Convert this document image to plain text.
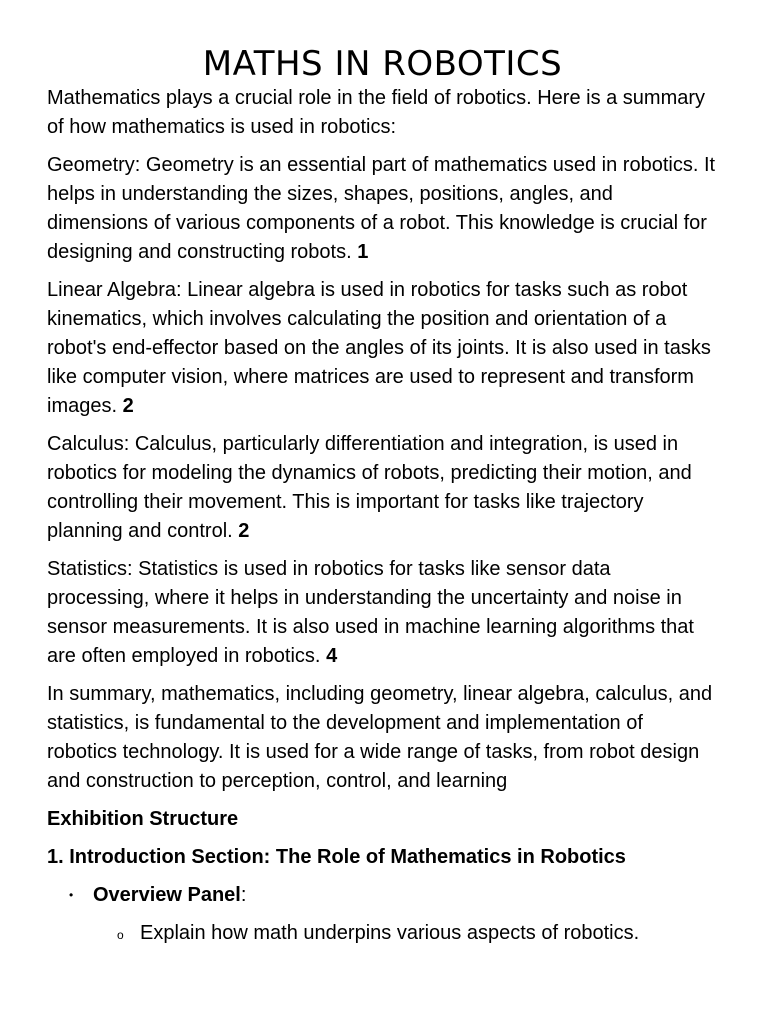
MATHS IN ROBOTICS

Mathematics plays a crucial role in the field of robotics. Here is a summary of how mathematics is used in robotics:

Geometry: Geometry is an essential part of mathematics used in robotics. It helps in understanding the sizes, shapes, positions, angles, and dimensions of various components of a robot. This knowledge is crucial for designing and constructing robots. 1

Linear Algebra: Linear algebra is used in robotics for tasks such as robot kinematics, which involves calculating the position and orientation of a robot's end-effector based on the angles of its joints. It is also used in tasks like computer vision, where matrices are used to represent and transform images. 2

Calculus: Calculus, particularly differentiation and integration, is used in robotics for modeling the dynamics of robots, predicting their motion, and controlling their movement. This is important for tasks like trajectory planning and control. 2

Statistics: Statistics is used in robotics for tasks like sensor data processing, where it helps in understanding the uncertainty and noise in sensor measurements. It is also used in machine learning algorithms that are often employed in robotics. 4

In summary, mathematics, including geometry, linear algebra, calculus, and statistics, is fundamental to the development and implementation of robotics technology. It is used for a wide range of tasks, from robot design and construction to perception, control, and learning

Exhibition Structure
1. Introduction Section: The Role of Mathematics in Robotics
• Overview Panel:
o Explain how math underpins various aspects of robotics.
